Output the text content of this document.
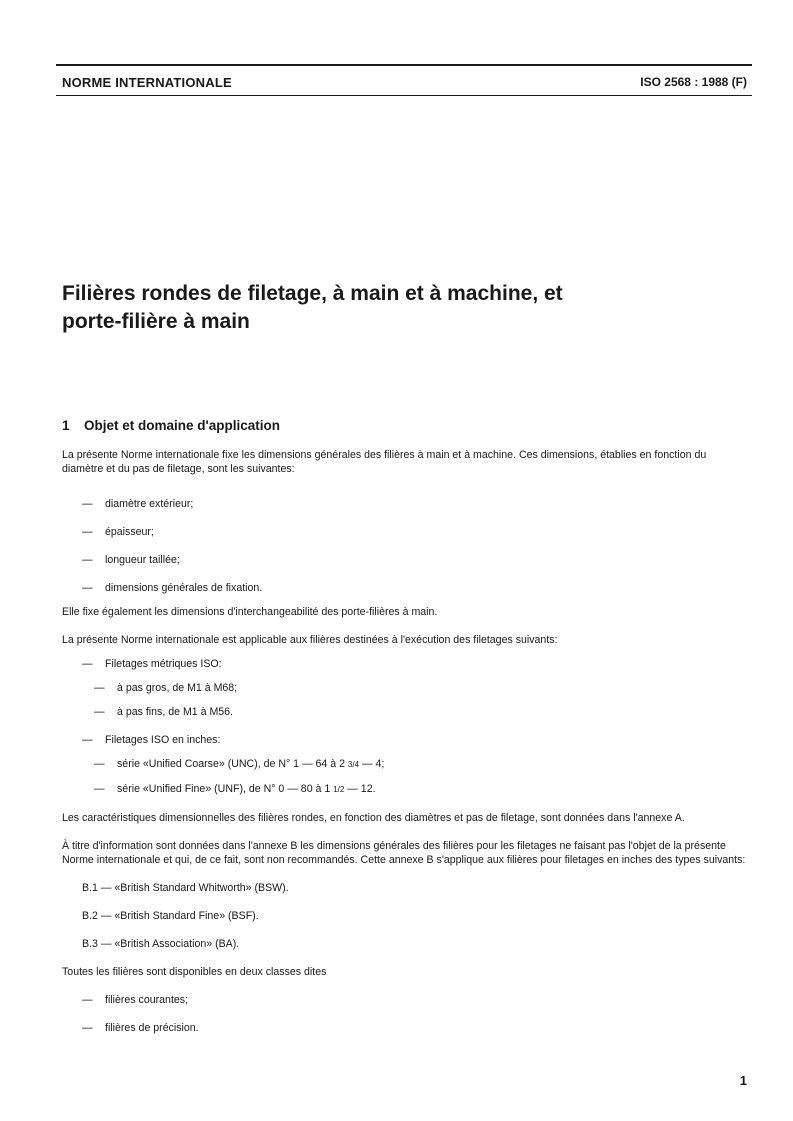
NORME INTERNATIONALE	ISO 2568 : 1988 (F)
Filières rondes de filetage, à main et à machine, et
porte-filière à main
1 Objet et domaine d'application

La présente Norme internationale fixe les dimensions générales des filières à main et à machine. Ces dimensions, établies en fonction du diamètre et du pas de filetage, sont les suivantes:

— diamètre extérieur;
— épaisseur;
— longueur taillée;
— dimensions générales de fixation.

Elle fixe également les dimensions d'interchangeabilité des porte-filières à main.

La présente Norme internationale est applicable aux filières destinées à l'exécution des filetages suivants:

— Filetages métriques ISO:
— à pas gros, de M1 à M68;
— à pas fins, de M1 à M56.
— Filetages ISO en inches:
— série «Unified Coarse» (UNC), de N° 1 — 64 à 2 3/4 — 4;
— série «Unified Fine» (UNF), de N° 0 — 80 à 1 1/2 — 12.

Les caractéristiques dimensionnelles des filières rondes, en fonction des diamètres et pas de filetage, sont données dans l'annexe A.

À titre d'information sont données dans l'annexe B les dimensions générales des filières pour les filetages ne faisant pas l'objet de la présente Norme internationale et qui, de ce fait, sont non recommandés. Cette annexe B s'applique aux filières pour filetages en inches des types suivants:

B.1 — «British Standard Whitworth» (BSW).
B.2 — «British Standard Fine» (BSF).
B.3 — «British Association» (BA).

Toutes les filières sont disponibles en deux classes dites

— filières courantes;
— filières de précision.
1
